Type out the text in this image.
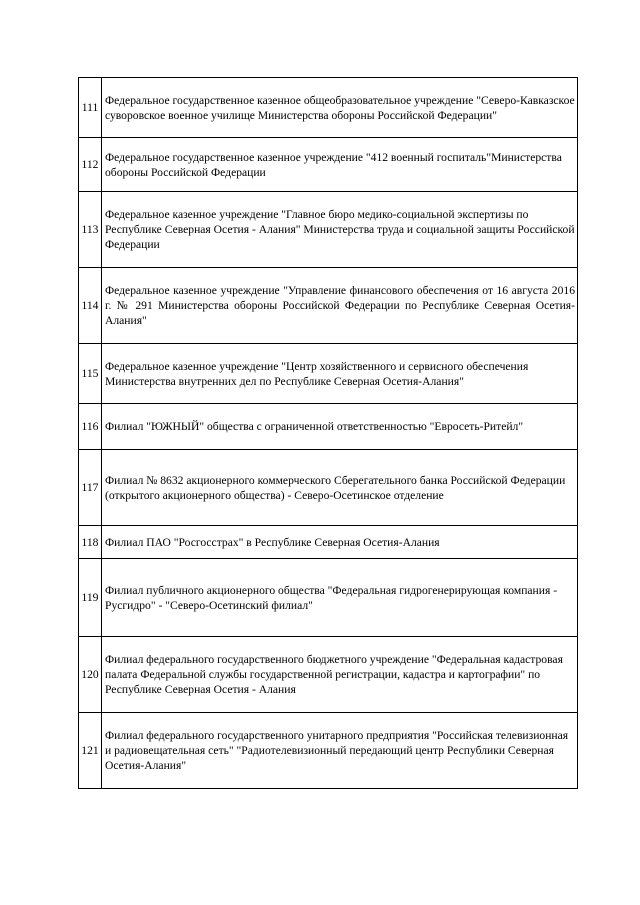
111	Федеральное государственное казенное общеобразовательное учреждение "Северо-Кавказское суворовское военное училище Министерства обороны Российской Федерации"
112	Федеральное государственное казенное учреждение "412 военный госпиталь"Министерства обороны Российской Федерации
113	Федеральное казенное учреждение "Главное бюро медико-социальной экспертизы по Республике Северная Осетия - Алания" Министерства труда и социальной защиты Российской Федерации
114	Федеральное казенное учреждение "Управление финансового обеспечения от 16 августа 2016 г. № 291 Министерства обороны Российской Федерации по Республике Северная Осетия-Алания"
115	Федеральное казенное учреждение "Центр хозяйственного и сервисного обеспечения Министерства внутренних дел по Республике Северная Осетия-Алания"
116	Филиал "ЮЖНЫЙ" общества с ограниченной ответственностью "Евросеть-Ритейл"
117	Филиал № 8632 акционерного коммерческого Сберегательного банка Российской Федерации (открытого акционерного общества) - Северо-Осетинское отделение
118	Филиал ПАО "Росгосстрах" в Республике Северная Осетия-Алания
119	Филиал публичного акционерного общества "Федеральная гидрогенерирующая компания - Русгидро" - "Северо-Осетинский филиал"
120	Филиал федерального государственного бюджетного учреждение "Федеральная кадастровая палата Федеральной службы государственной регистрации, кадастра и картографии" по Республике Северная Осетия - Алания
121	Филиал федерального государственного унитарного предприятия "Российская телевизионная и радиовещательная сеть" "Радиотелевизионный передающий центр Республики Северная Осетия-Алания"
